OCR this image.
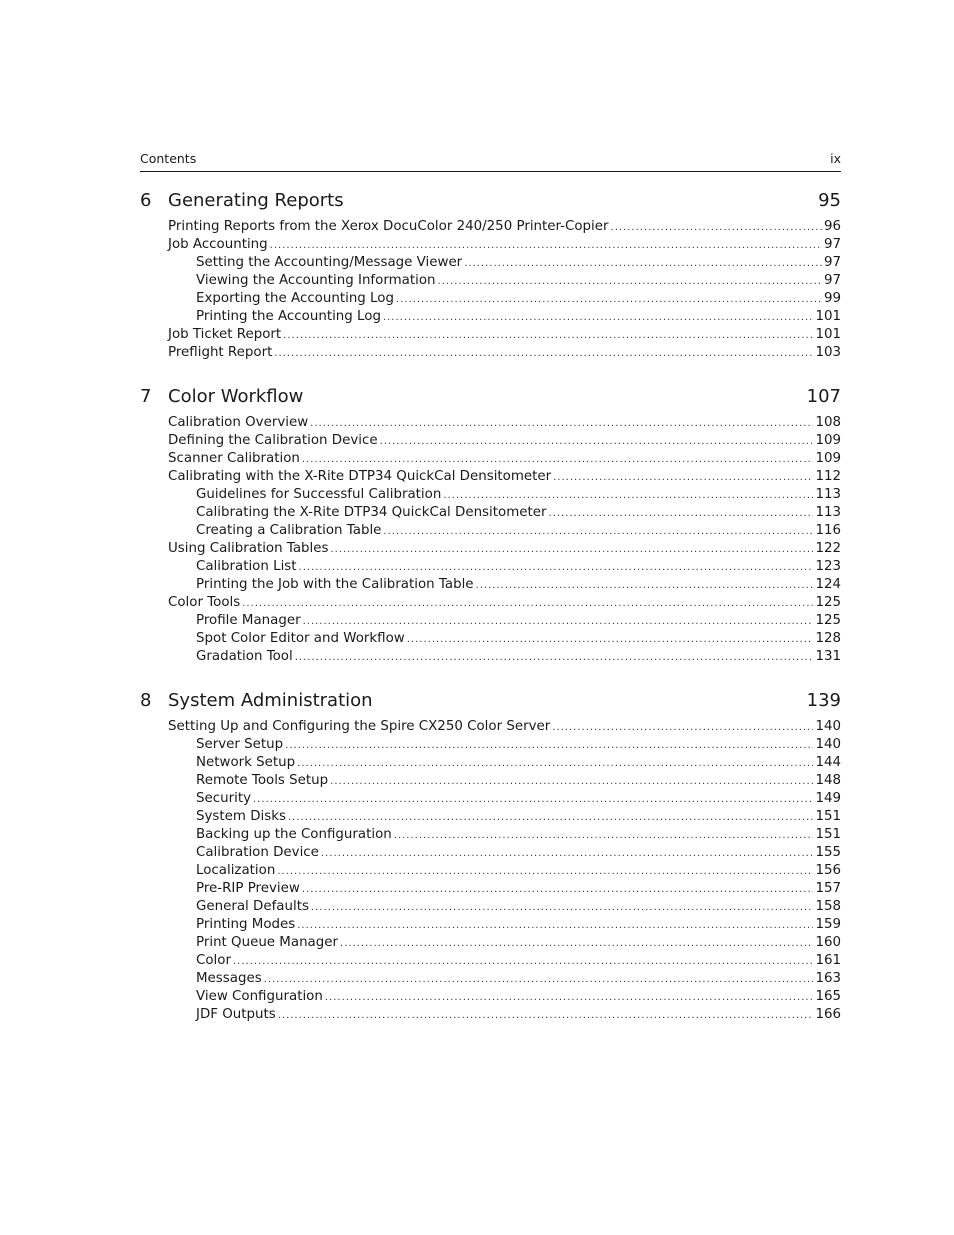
Contents	ix
6 Generating Reports	95
Printing Reports from the Xerox DocuColor 240/250 Printer-Copier .....	96
Job Accounting .....	97
Setting the Accounting/Message Viewer .....	97
Viewing the Accounting Information .....	97
Exporting the Accounting Log .....	99
Printing the Accounting Log .....	101
Job Ticket Report .....	101
Preflight Report .....	103
7 Color Workflow	107
Calibration Overview .....	108
Defining the Calibration Device .....	109
Scanner Calibration .....	109
Calibrating with the X-Rite DTP34 QuickCal Densitometer .....	112
Guidelines for Successful Calibration .....	113
Calibrating the X-Rite DTP34 QuickCal Densitometer .....	113
Creating a Calibration Table .....	116
Using Calibration Tables .....	122
Calibration List .....	123
Printing the Job with the Calibration Table .....	124
Color Tools .....	125
Profile Manager .....	125
Spot Color Editor and Workflow .....	128
Gradation Tool .....	131
8 System Administration	139
Setting Up and Configuring the Spire CX250 Color Server .....	140
Server Setup .....	140
Network Setup .....	144
Remote Tools Setup .....	148
Security .....	149
System Disks .....	151
Backing up the Configuration .....	151
Calibration Device .....	155
Localization .....	156
Pre-RIP Preview .....	157
General Defaults .....	158
Printing Modes .....	159
Print Queue Manager .....	160
Color .....	161
Messages .....	163
View Configuration .....	165
JDF Outputs .....	166
